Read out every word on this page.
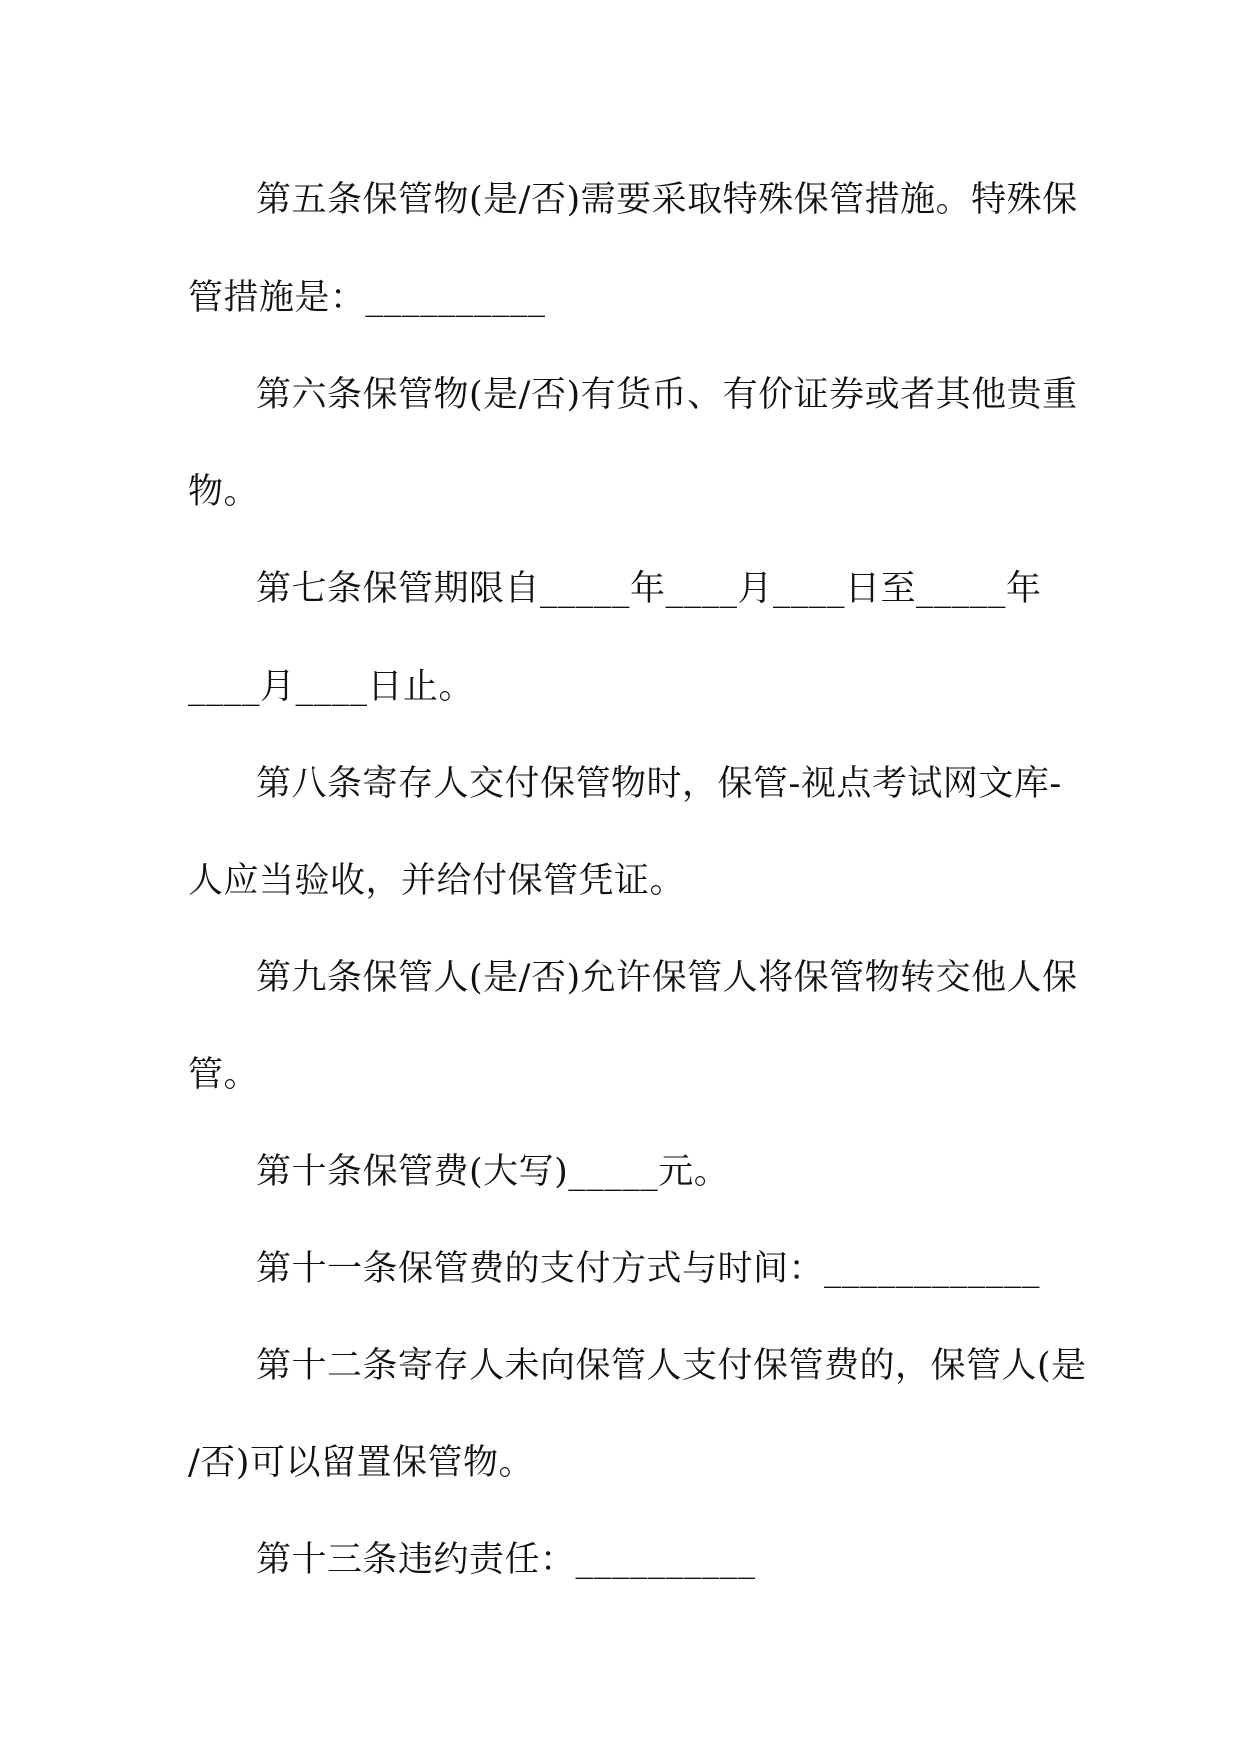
第五条保管物(是/否)需要采取特殊保管措施。特殊保
管措施是：__________
第六条保管物(是/否)有货币、有价证券或者其他贵重
物。
第七条保管期限自_____年____月____日至_____年
____月____日止。
第八条寄存人交付保管物时，保管-视点考试网文库-
人应当验收，并给付保管凭证。
第九条保管人(是/否)允许保管人将保管物转交他人保
管。
第十条保管费(大写)_____元。
第十一条保管费的支付方式与时间：____________
第十二条寄存人未向保管人支付保管费的，保管人(是
/否)可以留置保管物。
第十三条违约责任：__________
